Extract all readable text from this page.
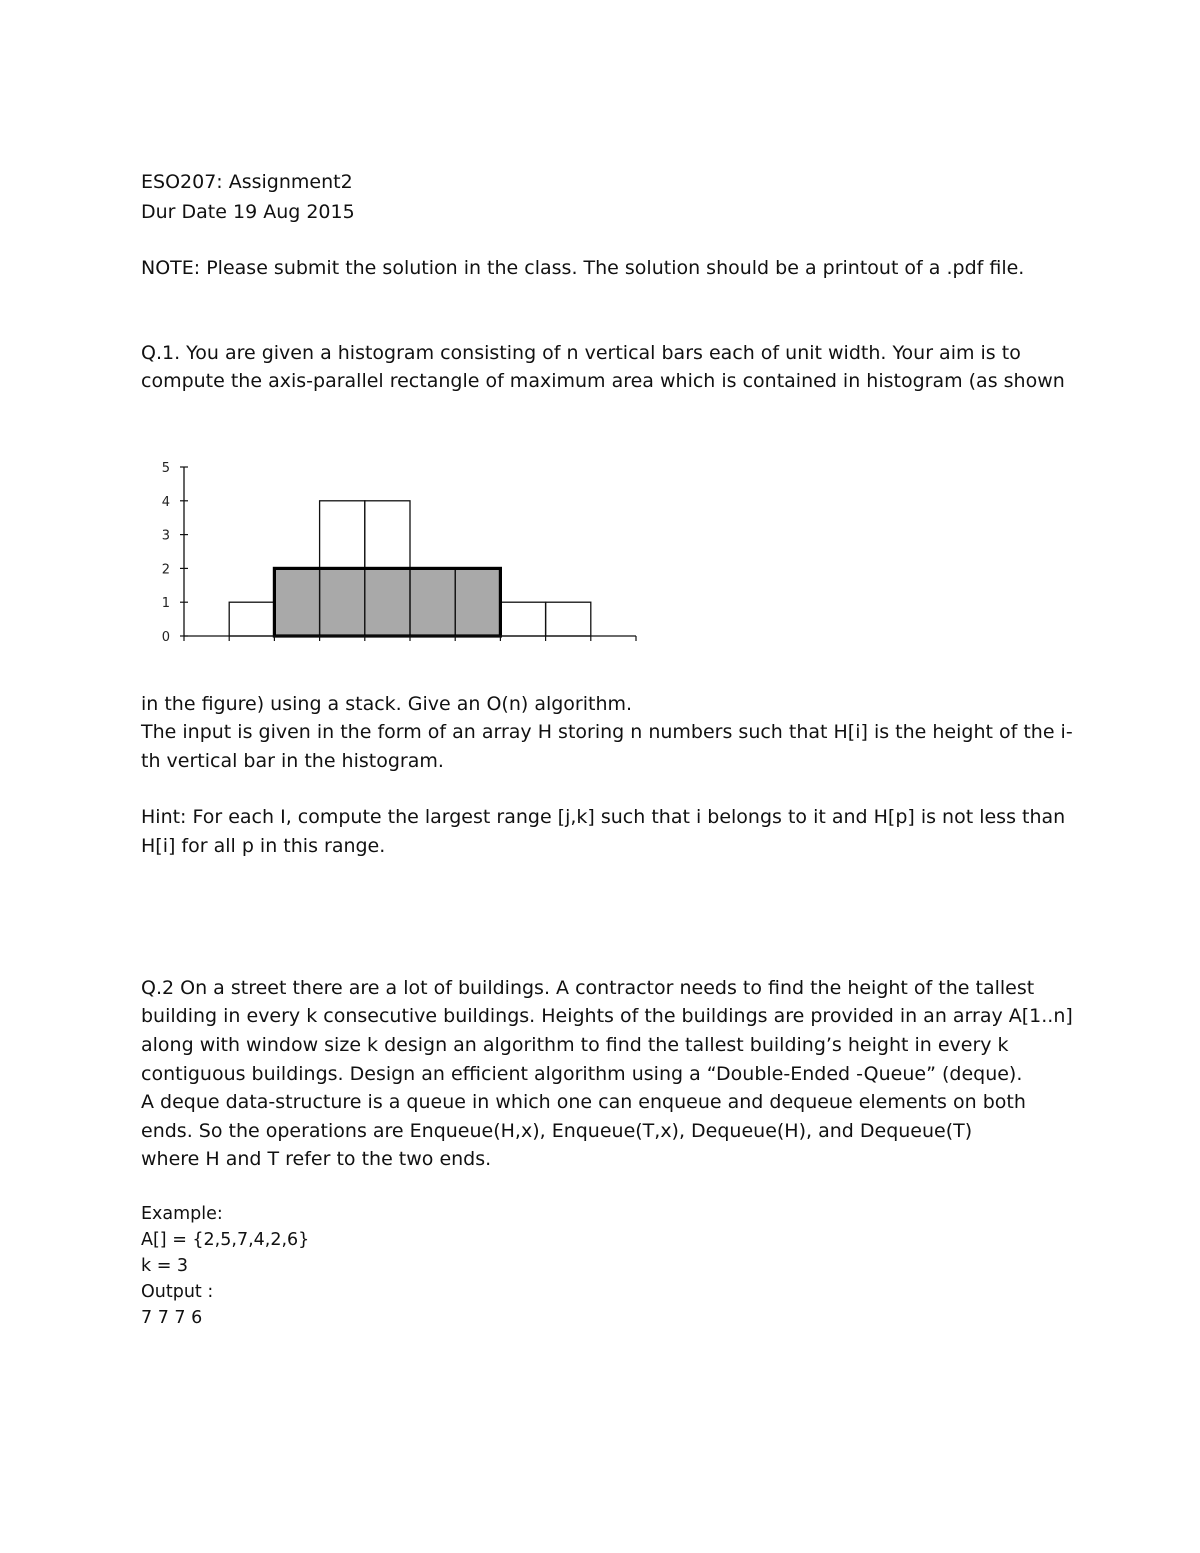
ESO207: Assignment2
Dur Date 19 Aug 2015
NOTE: Please submit the solution in the class. The solution should be a printout of a .pdf file.
Q.1. You are given a histogram consisting of n vertical bars each of unit width. Your aim is to
compute the axis-parallel rectangle of maximum area which is contained in histogram (as shown
0
1
2
3
4
5
in the figure) using a stack. Give an O(n) algorithm.
The input is given in the form of an array H storing n numbers such that H[i] is the height of the i-
th vertical bar in the histogram.
Hint: For each I, compute the largest range [j,k] such that i belongs to it and H[p] is not less than
H[i] for all p in this range.
Q.2 On a street there are a lot of buildings. A contractor needs to find the height of the tallest
building in every k consecutive buildings. Heights of the buildings are provided in an array A[1..n]
along with window size k design an algorithm to find the tallest building’s height in every k
contiguous buildings. Design an efficient algorithm using a “Double-Ended -Queue” (deque).
A deque data-structure is a queue in which one can enqueue and dequeue elements on both
ends. So the operations are Enqueue(H,x), Enqueue(T,x), Dequeue(H), and Dequeue(T)
where H and T refer to the two ends.
Example:
A[] = {2,5,7,4,2,6}
k = 3
Output :
7 7 7 6
